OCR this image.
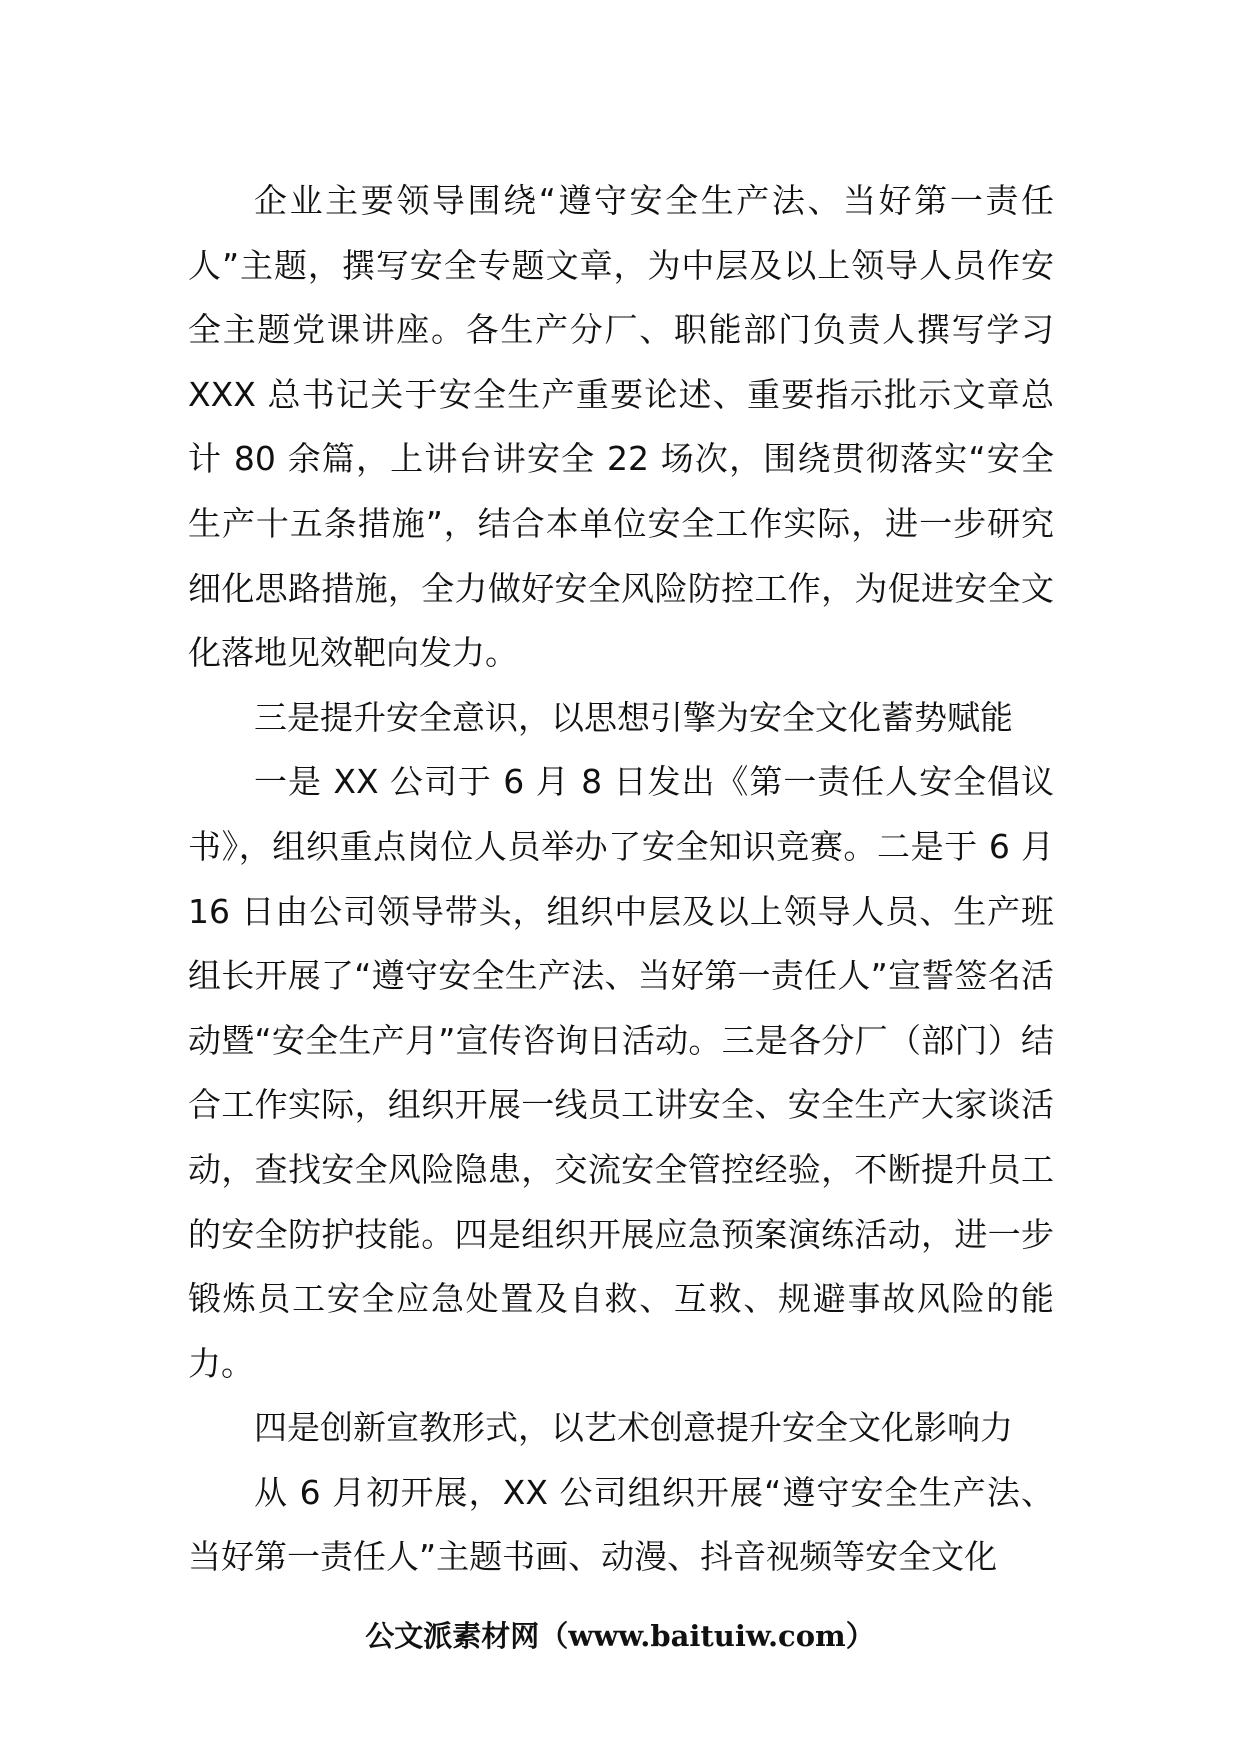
企业主要领导围绕“遵守安全生产法、当好第一责任人”主题，撰写安全专题文章，为中层及以上领导人员作安全主题党课讲座。各生产分厂、职能部门负责人撰写学习 XXX 总书记关于安全生产重要论述、重要指示批示文章总计 80 余篇，上讲台讲安全 22 场次，围绕贯彻落实“安全生产十五条措施”，结合本单位安全工作实际，进一步研究细化思路措施，全力做好安全风险防控工作，为促进安全文化落地见效靶向发力。

三是提升安全意识，以思想引擎为安全文化蓄势赋能

一是 XX 公司于 6 月 8 日发出《第一责任人安全倡议书》，组织重点岗位人员举办了安全知识竞赛。二是于 6 月 16 日由公司领导带头，组织中层及以上领导人员、生产班组长开展了“遵守安全生产法、当好第一责任人”宣誓签名活动暨“安全生产月”宣传咨询日活动。三是各分厂（部门）结合工作实际，组织开展一线员工讲安全、安全生产大家谈活动，查找安全风险隐患，交流安全管控经验，不断提升员工的安全防护技能。四是组织开展应急预案演练活动，进一步锻炼员工安全应急处置及自救、互救、规避事故风险的能力。

四是创新宣教形式，以艺术创意提升安全文化影响力

从 6 月初开展，XX 公司组织开展“遵守安全生产法、当好第一责任人”主题书画、动漫、抖音视频等安全文化

公文派素材网（www.baituiw.com）
